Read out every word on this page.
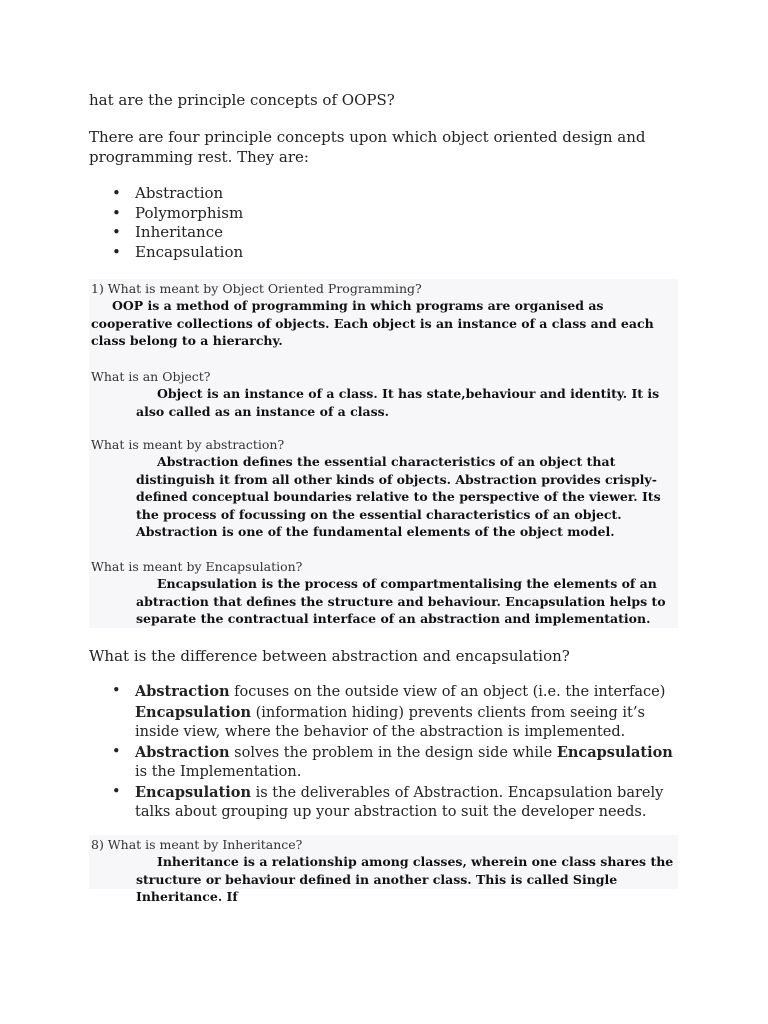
hat are the principle concepts of OOPS?
There are four principle concepts upon which object oriented design and
programming rest. They are:
• Abstraction
• Polymorphism
• Inheritance
• Encapsulation
1) What is meant by Object Oriented Programming?
OOP is a method of programming in which programs are organised as cooperative collections of objects. Each object is an instance of a class and each class belong to a hierarchy.
What is an Object?
Object is an instance of a class. It has state,behaviour and identity. It is also called as an instance of a class.
What is meant by abstraction?
Abstraction defines the essential characteristics of an object that distinguish it from all other kinds of objects. Abstraction provides crisply-defined conceptual boundaries relative to the perspective of the viewer. Its the process of focussing on the essential characteristics of an object. Abstraction is one of the fundamental elements of the object model.
What is meant by Encapsulation?
Encapsulation is the process of compartmentalising the elements of an abtraction that defines the structure and behaviour. Encapsulation helps to separate the contractual interface of an abstraction and implementation.
What is the difference between abstraction and encapsulation?
• Abstraction focuses on the outside view of an object (i.e. the interface) Encapsulation (information hiding) prevents clients from seeing it’s inside view, where the behavior of the abstraction is implemented.
• Abstraction solves the problem in the design side while Encapsulation is the Implementation.
• Encapsulation is the deliverables of Abstraction. Encapsulation barely talks about grouping up your abstraction to suit the developer needs.
8) What is meant by Inheritance?
Inheritance is a relationship among classes, wherein one class shares the structure or behaviour defined in another class. This is called Single Inheritance. If
